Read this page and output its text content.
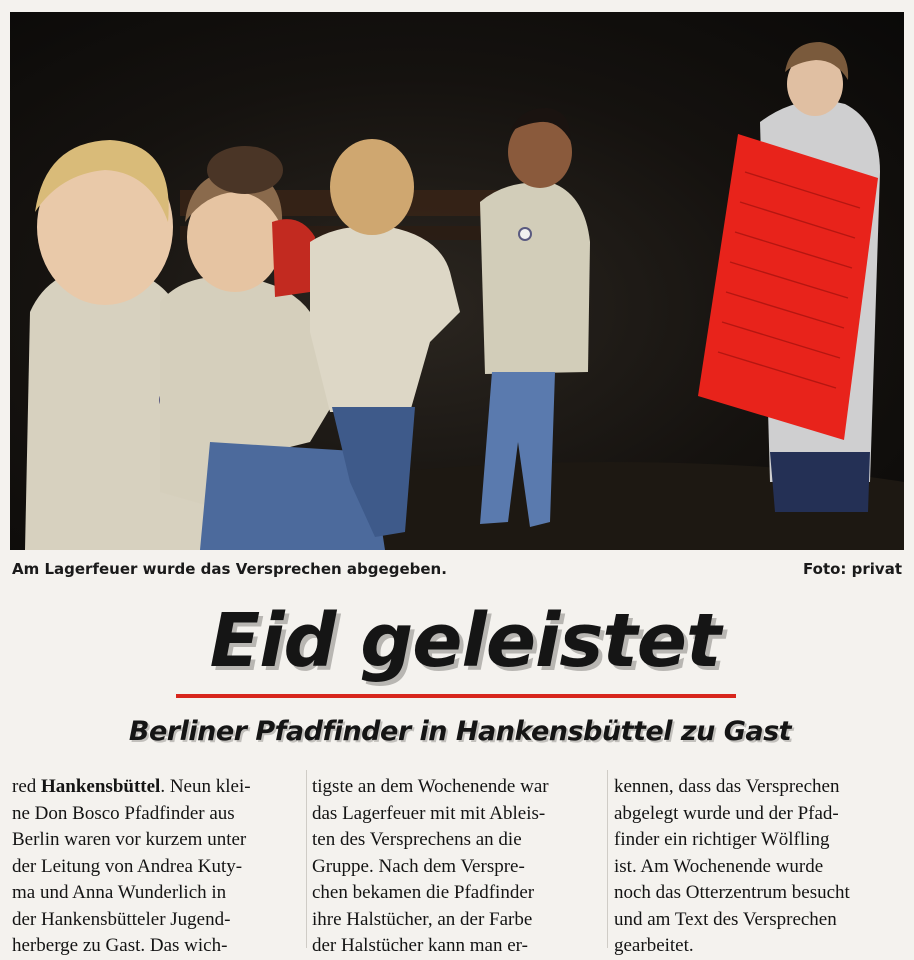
Am Lagerfeuer wurde das Versprechen abgegeben.	Foto: privat
Eid geleistet
Berliner Pfadfinder in Hankensbüttel zu Gast
red Hankensbüttel. Neun klei-
ne Don Bosco Pfadfinder aus
Berlin waren vor kurzem unter
der Leitung von Andrea Kuty-
ma und Anna Wunderlich in
der Hankensbütteler Jugend-
herberge zu Gast. Das wich-
tigste an dem Wochenende war
das Lagerfeuer mit mit Ableis-
ten des Versprechens an die
Gruppe. Nach dem Verspre-
chen bekamen die Pfadfinder
ihre Halstücher, an der Farbe
der Halstücher kann man er-
kennen, dass das Versprechen
abgelegt wurde und der Pfad-
finder ein richtiger Wölfling
ist. Am Wochenende wurde
noch das Otterzentrum besucht
und am Text des Versprechen
gearbeitet.
